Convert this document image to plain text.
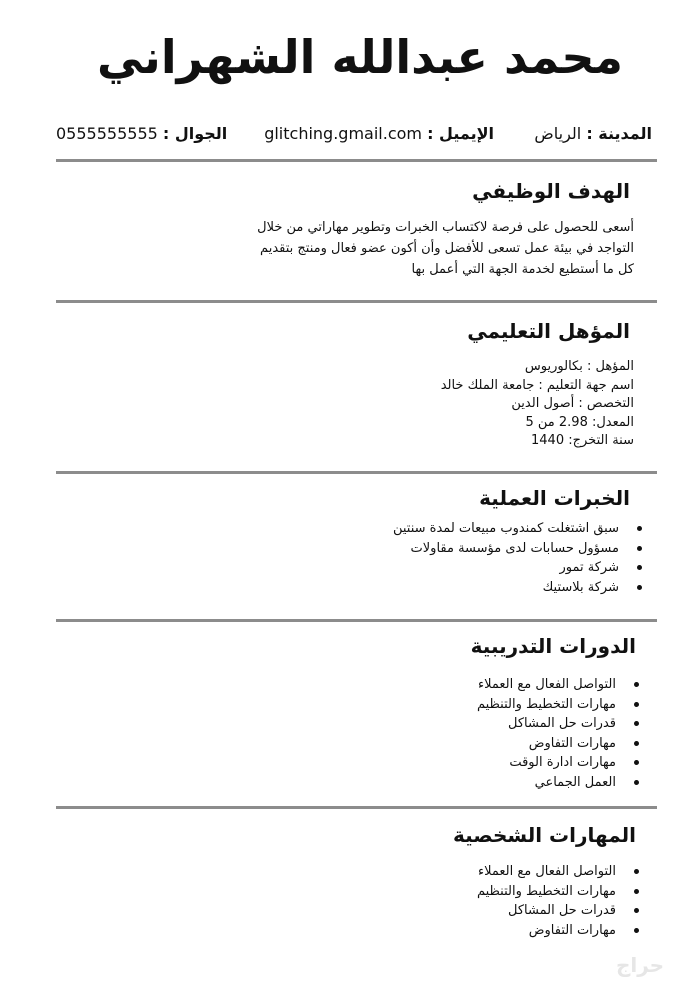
محمد عبدالله الشهراني
المدينة : الرياض
الإيميل : glitching.gmail.com
الجوال : 0555555555
الهدف الوظيفي

أسعى للحصول على فرصة لاكتساب الخبرات وتطوير مهاراتي من خلال

التواجد في بيئة عمل تسعى للأفضل وأن أكون عضو فعال ومنتج بتقديم

كل ما أستطيع لخدمة الجهة التي أعمل بها

المؤهل التعليمي

المؤهل : بكالوريوس

اسم جهة التعليم : جامعة الملك خالد

التخصص : أصول الدين

المعدل: 2.98 من 5

سنة التخرج: 1440

الخبرات العملية
سبق اشتغلت كمندوب مبيعات لمدة سنتين
مسؤول حسابات لدى مؤسسة مقاولات
شركة تمور
شركة بلاستيك
الدورات التدريبية
التواصل الفعال مع العملاء
مهارات التخطيط والتنظيم
قدرات حل المشاكل
مهارات التفاوض
مهارات ادارة الوقت
العمل الجماعي
المهارات الشخصية
التواصل الفعال مع العملاء
مهارات التخطيط والتنظيم
قدرات حل المشاكل
مهارات التفاوض
حراج
